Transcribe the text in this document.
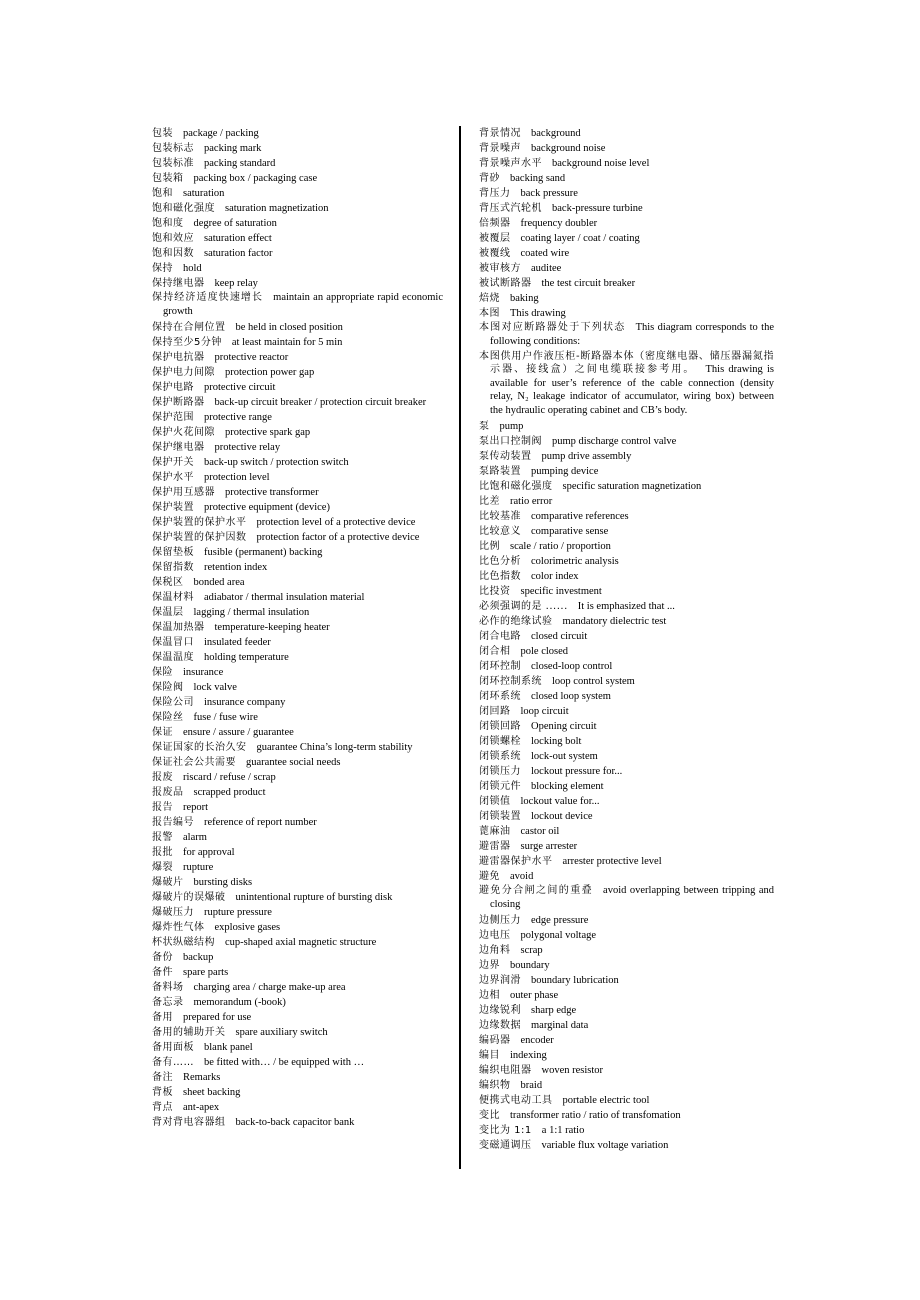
包装 package / packing
包装标志 packing mark
包装标准 packing standard
包装箱 packing box / packaging case
饱和 saturation
饱和磁化强度 saturation magnetization
饱和度 degree of saturation
饱和效应 saturation effect
饱和因数 saturation factor
保持 hold
保持继电器 keep relay
保持经济适度快速增长 maintain an appropriate rapid economic growth
保持在合闸位置 be held in closed position
保持至少5分钟 at least maintain for 5 min
保护电抗器 protective reactor
保护电力间隙 protection power gap
保护电路 protective circuit
保护断路器 back-up circuit breaker / protection circuit breaker
保护范围 protective range
保护火花间隙 protective spark gap
保护继电器 protective relay
保护开关 back-up switch / protection switch
保护水平 protection level
保护用互感器 protective transformer
保护装置 protective equipment (device)
保护装置的保护水平 protection level of a protective device
保护装置的保护因数 protection factor of a protective device
保留垫板 fusible (permanent) backing
保留指数 retention index
保税区 bonded area
保温材料 adiabator / thermal insulation material
保温层 lagging / thermal insulation
保温加热器 temperature-keeping heater
保温冒口 insulated feeder
保温温度 holding temperature
保险 insurance
保险阀 lock valve
保险公司 insurance company
保险丝 fuse / fuse wire
保证 ensure / assure / guarantee
保证国家的长治久安 guarantee China’s long-term stability
保证社会公共需要 guarantee social needs
报废 riscard / refuse / scrap
报废品 scrapped product
报告 report
报告编号 reference of report number
报警 alarm
报批 for approval
爆裂 rupture
爆破片 bursting disks
爆破片的误爆破 unintentional rupture of bursting disk
爆破压力 rupture pressure
爆炸性气体 explosive gases
杯状纵磁结构 cup-shaped axial magnetic structure
备份 backup
备件 spare parts
备料场 charging area / charge make-up area
备忘录 memorandum (-book)
备用 prepared for use
备用的辅助开关 spare auxiliary switch
备用面板 blank panel
备有…… be fitted with… / be equipped with …
备注 Remarks
背板 sheet backing
背点 ant-apex
背对背电容器组 back-to-back capacitor bank
背景情况 background
背景噪声 background noise
背景噪声水平 background noise level
背砂 backing sand
背压力 back pressure
背压式汽轮机 back-pressure turbine
倍频器 frequency doubler
被覆层 coating layer / coat / coating
被覆线 coated wire
被审核方 auditee
被试断路器 the test circuit breaker
焙烧 baking
本图 This drawing
本图对应断路器处于下列状态 This diagram corresponds to the following conditions:
本图供用户作液压柜-断路器本体（密度继电器、储压器漏氮指示器、接线盒）之间电缆联接参考用。 This drawing is available for user’s reference of the cable connection (density relay, N₂ leakage indicator of accumulator, wiring box) between the hydraulic operating cabinet and CB’s body.
泵 pump
泵出口控制阀 pump discharge control valve
泵传动装置 pump drive assembly
泵路装置 pumping device
比饱和磁化强度 specific saturation magnetization
比差 ratio error
比较基准 comparative references
比较意义 comparative sense
比例 scale / ratio / proportion
比色分析 colorimetric analysis
比色指数 color index
比投资 specific investment
必须强调的是 ...... It is emphasized that ...
必作的绝缘试验 mandatory dielectric test
闭合电路 closed circuit
闭合相 pole closed
闭环控制 closed-loop control
闭环控制系统 loop control system
闭环系统 closed loop system
闭回路 loop circuit
闭锁回路 Opening circuit
闭锁螺栓 locking bolt
闭锁系统 lock-out system
闭锁压力 lockout pressure for...
闭锁元件 blocking element
闭锁值 lockout value for...
闭锁装置 lockout device
蓖麻油 castor oil
避雷器 surge arrester
避雷器保护水平 arrester protective level
避免 avoid
避免分合闸之间的重叠 avoid overlapping between tripping and closing
边侧压力 edge pressure
边电压 polygonal voltage
边角料 scrap
边界 boundary
边界润滑 boundary lubrication
边相 outer phase
边缘锐利 sharp edge
边缘数据 marginal data
编码器 encoder
编目 indexing
编织电阻器 woven resistor
编织物 braid
便携式电动工具 portable electric tool
变比 transformer ratio / ratio of transfomation
变比为 1:1 a 1:1 ratio
变磁通调压 variable flux voltage variation
